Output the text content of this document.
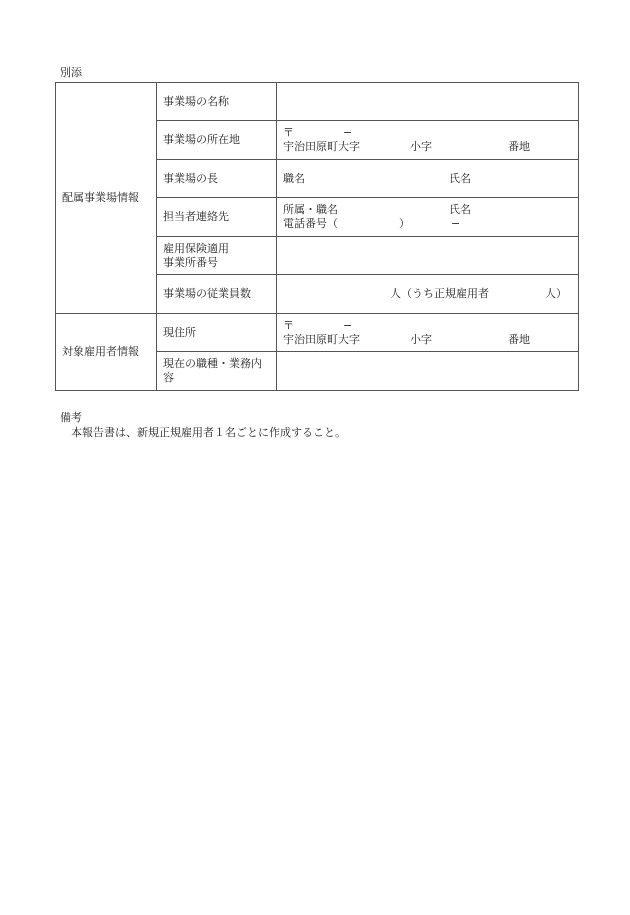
別添
配属事業場情報	事業場の名称	
	事業場の所在地	〒 −
宇治田原町大字 小字 番地

	事業場の長	職名 氏名

	担当者連絡先	所属・職名 氏名
電話番号（ ） −

	雇用保険適用
事業所番号	

	事業場の従業員数	人（うち正規雇用者 人）

対象雇用者情報	現住所	〒 −
宇治田原町大字 小字 番地

	現在の職種・業務内容	
備考
本報告書は、新規正規雇用者１名ごとに作成すること。
